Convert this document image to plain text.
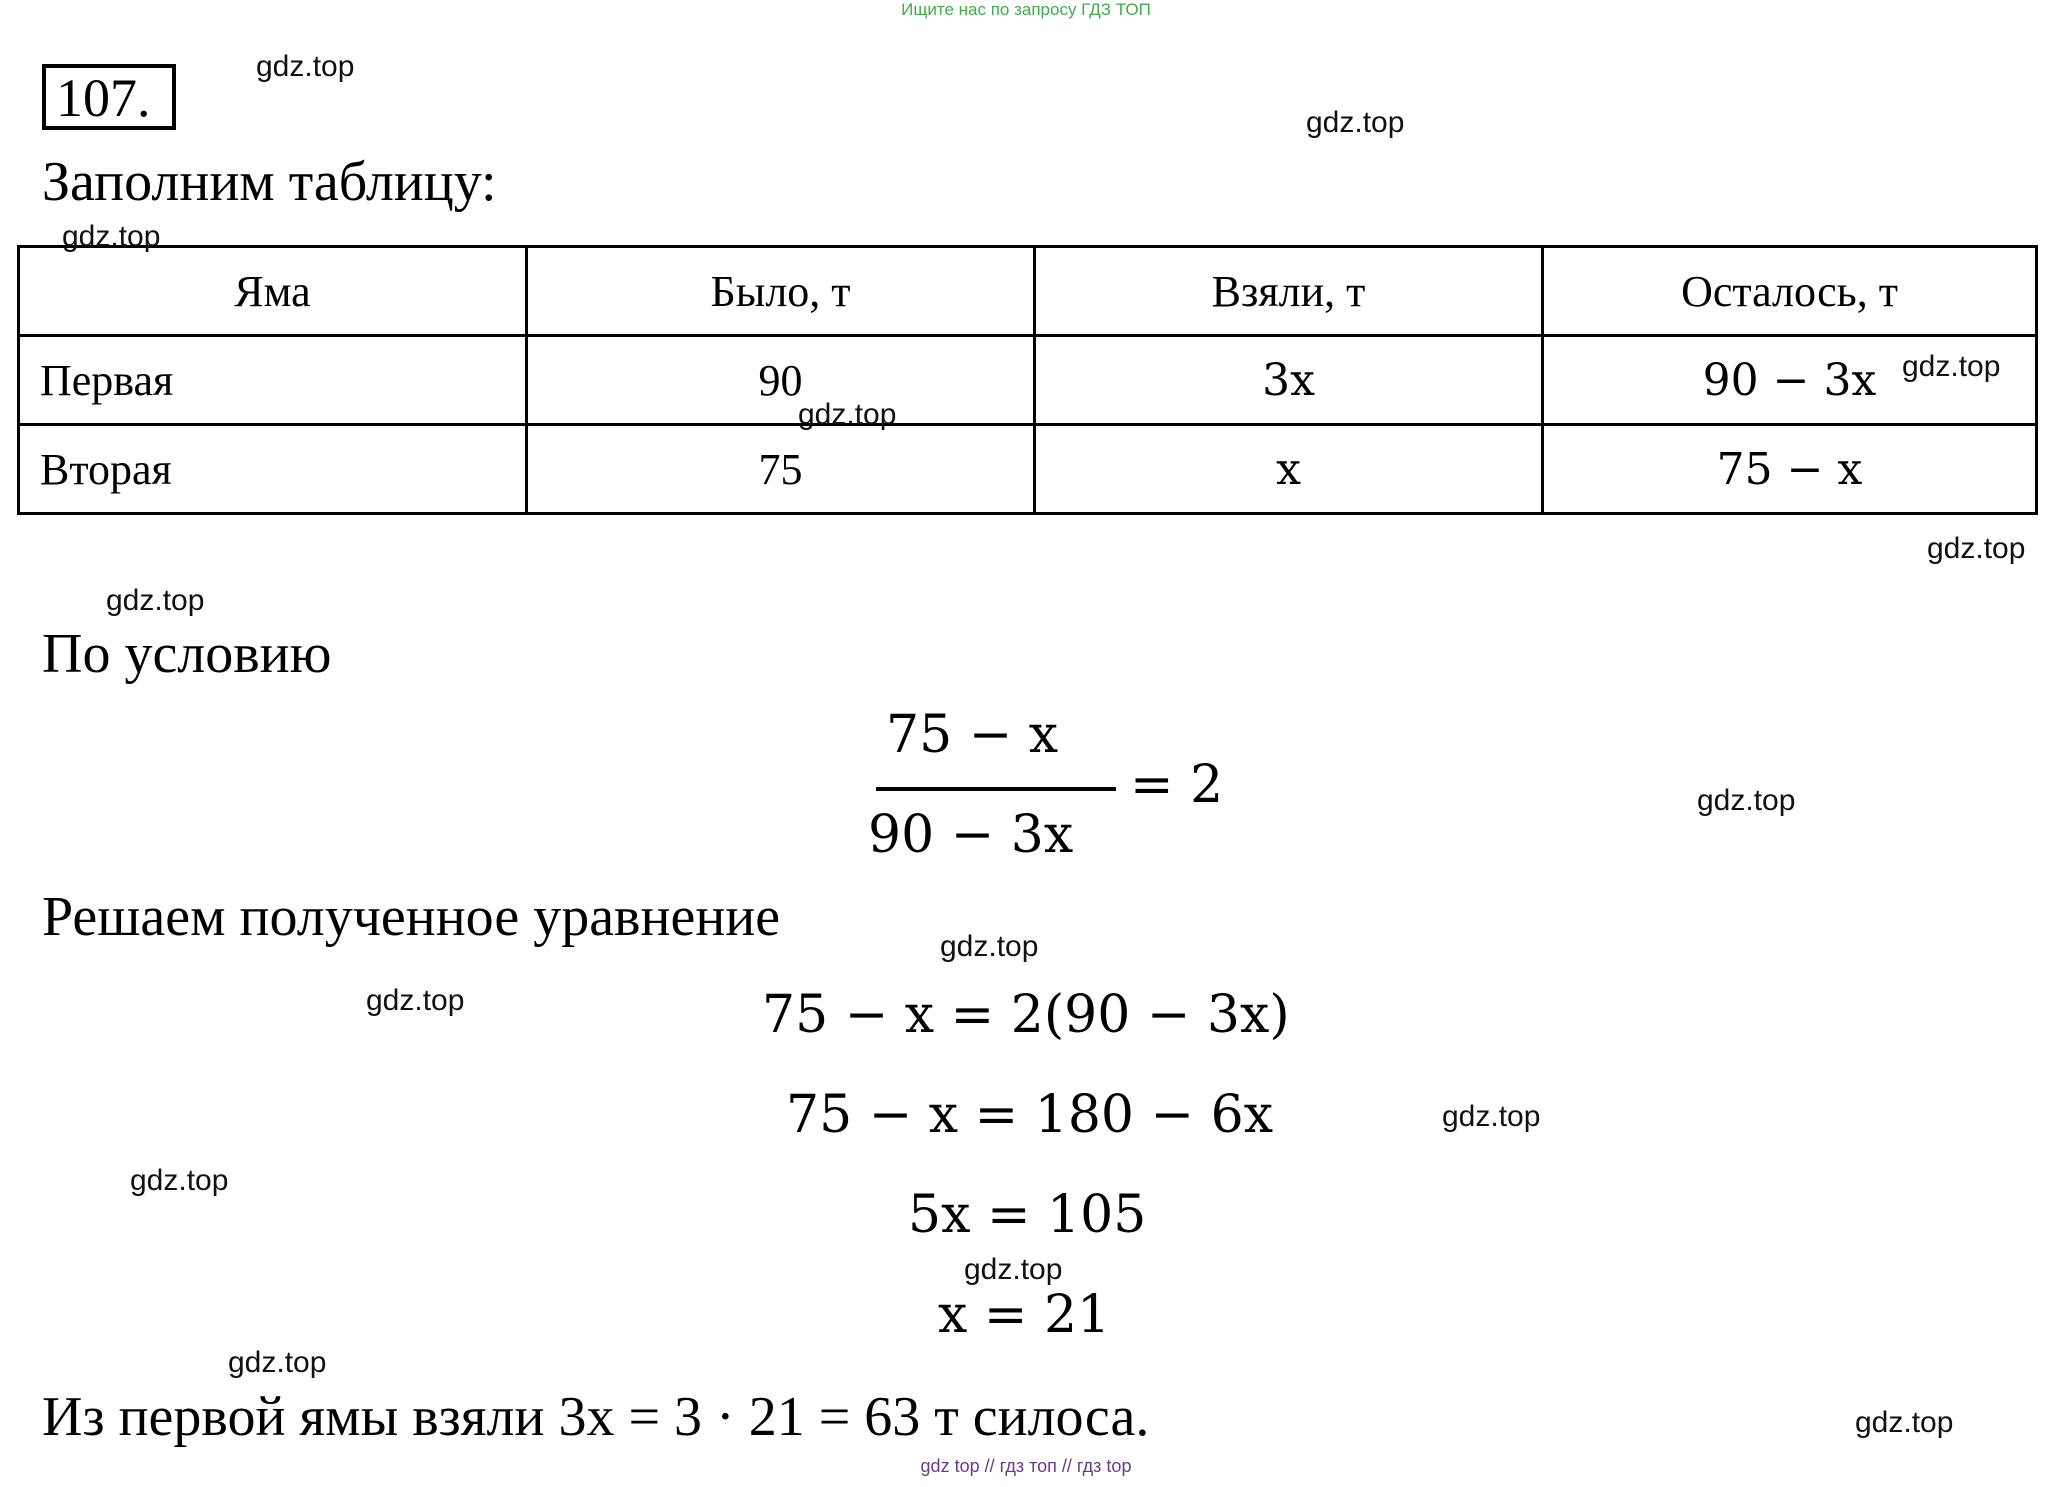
Ищите нас по запросу ГДЗ ТОП
107.
Заполним таблицу:
Яма	Было, т	Взяли, т	Осталось, т
Первая	90	3x	90 − 3x
Вторая	75	x	75 − x
По условию
75 − x
90 − 3x
= 2
Решаем полученное уравнение
75 − x = 2(90 − 3x)
75 − x = 180 − 6x
5x = 105
x = 21
Из первой ямы взяли 3x = 3 · 21 = 63 т силоса.
gdz.top
gdz.top
gdz.top
gdz.top
gdz.top
gdz.top
gdz.top
gdz.top
gdz.top
gdz.top
gdz.top
gdz.top
gdz.top
gdz.top
gdz.top
gdz top // гдз топ // гдз top
